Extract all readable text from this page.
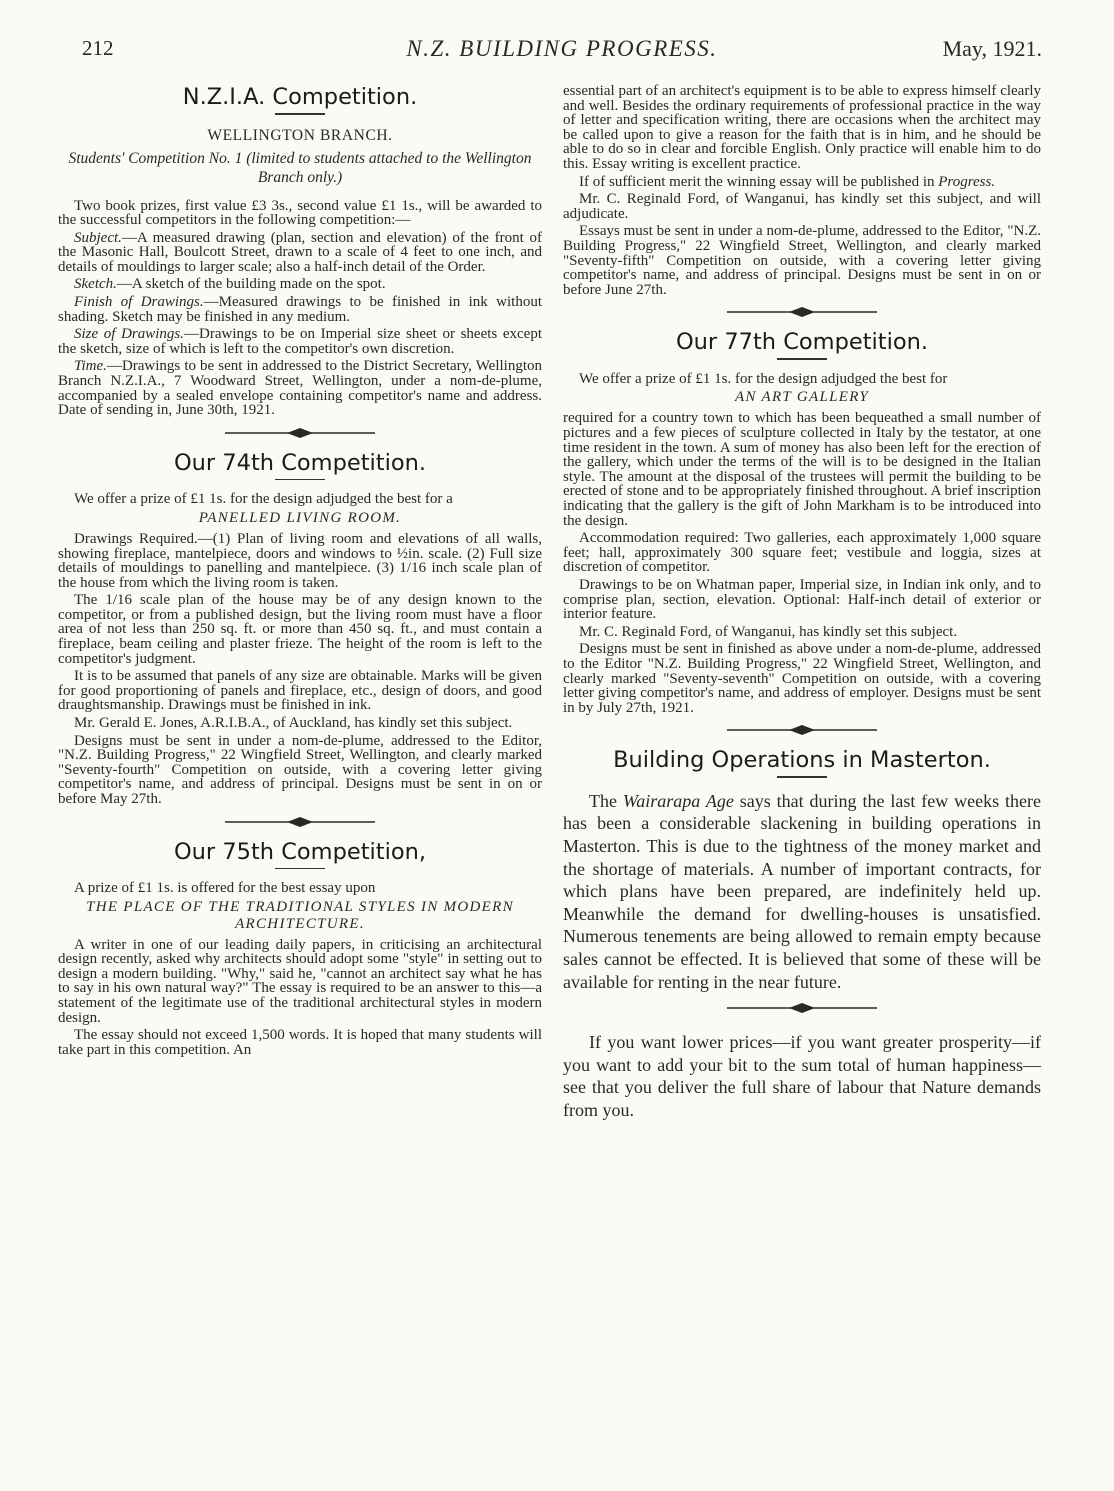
212	N.Z. BUILDING PROGRESS.	May, 1921.
N.Z.I.A. Competition.
WELLINGTON BRANCH.
Students' Competition No. 1 (limited to students attached to the Wellington Branch only.)

Two book prizes, first value £3 3s., second value £1 1s., will be awarded to the successful competitors in the following competition:—

Subject.—A measured drawing (plan, section and elevation) of the front of the Masonic Hall, Boulcott Street, drawn to a scale of 4 feet to one inch, and details of mouldings to larger scale; also a half-inch detail of the Order.

Sketch.—A sketch of the building made on the spot.

Finish of Drawings.—Measured drawings to be finished in ink without shading. Sketch may be finished in any medium.

Size of Drawings.—Drawings to be on Imperial size sheet or sheets except the sketch, size of which is left to the competitor's own discretion.

Time.—Drawings to be sent in addressed to the District Secretary, Wellington Branch N.Z.I.A., 7 Woodward Street, Wellington, under a nom-de-plume, accompanied by a sealed envelope containing competitor's name and address. Date of sending in, June 30th, 1921.

Our 74th Competition.

We offer a prize of £1 1s. for the design adjudged the best for a

PANELLED LIVING ROOM.

Drawings Required.—(1) Plan of living room and elevations of all walls, showing fireplace, mantelpiece, doors and windows to ½in. scale. (2) Full size details of mouldings to panelling and mantelpiece. (3) 1/16 inch scale plan of the house from which the living room is taken.

The 1/16 scale plan of the house may be of any design known to the competitor, or from a published design, but the living room must have a floor area of not less than 250 sq. ft. or more than 450 sq. ft., and must contain a fireplace, beam ceiling and plaster frieze. The height of the room is left to the competitor's judgment.

It is to be assumed that panels of any size are obtainable. Marks will be given for good proportioning of panels and fireplace, etc., design of doors, and good draughtsmanship. Drawings must be finished in ink.

Mr. Gerald E. Jones, A.R.I.B.A., of Auckland, has kindly set this subject.

Designs must be sent in under a nom-de-plume, addressed to the Editor, "N.Z. Building Progress," 22 Wingfield Street, Wellington, and clearly marked "Seventy-fourth" Competition on outside, with a covering letter giving competitor's name, and address of principal. Designs must be sent in on or before May 27th.

Our 75th Competition,

A prize of £1 1s. is offered for the best essay upon

THE PLACE OF THE TRADITIONAL STYLES IN MODERN ARCHITECTURE.

A writer in one of our leading daily papers, in criticising an architectural design recently, asked why architects should adopt some "style" in setting out to design a modern building. "Why," said he, "cannot an architect say what he has to say in his own natural way?" The essay is required to be an answer to this—a statement of the legitimate use of the traditional architectural styles in modern design.

The essay should not exceed 1,500 words. It is hoped that many students will take part in this competition. An

essential part of an architect's equipment is to be able to express himself clearly and well. Besides the ordinary requirements of professional practice in the way of letter and specification writing, there are occasions when the architect may be called upon to give a reason for the faith that is in him, and he should be able to do so in clear and forcible English. Only practice will enable him to do this. Essay writing is excellent practice.

If of sufficient merit the winning essay will be published in Progress.

Mr. C. Reginald Ford, of Wanganui, has kindly set this subject, and will adjudicate.

Essays must be sent in under a nom-de-plume, addressed to the Editor, "N.Z. Building Progress," 22 Wingfield Street, Wellington, and clearly marked "Seventy-fifth" Competition on outside, with a covering letter giving competitor's name, and address of principal. Designs must be sent in on or before June 27th.

Our 77th Competition.

We offer a prize of £1 1s. for the design adjudged the best for

AN ART GALLERY

required for a country town to which has been bequeathed a small number of pictures and a few pieces of sculpture collected in Italy by the testator, at one time resident in the town. A sum of money has also been left for the erection of the gallery, which under the terms of the will is to be designed in the Italian style. The amount at the disposal of the trustees will permit the building to be erected of stone and to be appropriately finished throughout. A brief inscription indicating that the gallery is the gift of John Markham is to be introduced into the design.

Accommodation required: Two galleries, each approximately 1,000 square feet; hall, approximately 300 square feet; vestibule and loggia, sizes at discretion of competitor.

Drawings to be on Whatman paper, Imperial size, in Indian ink only, and to comprise plan, section, elevation. Optional: Half-inch detail of exterior or interior feature.

Mr. C. Reginald Ford, of Wanganui, has kindly set this subject.

Designs must be sent in finished as above under a nom-de-plume, addressed to the Editor "N.Z. Building Progress," 22 Wingfield Street, Wellington, and clearly marked "Seventy-seventh" Competition on outside, with a covering letter giving competitor's name, and address of employer. Designs must be sent in by July 27th, 1921.

Building Operations in Masterton.

The Wairarapa Age says that during the last few weeks there has been a considerable slackening in building operations in Masterton. This is due to the tightness of the money market and the shortage of materials. A number of important contracts, for which plans have been prepared, are indefinitely held up. Meanwhile the demand for dwelling-houses is unsatisfied. Numerous tenements are being allowed to remain empty because sales cannot be effected. It is believed that some of these will be available for renting in the near future.

If you want lower prices—if you want greater prosperity—if you want to add your bit to the sum total of human happiness—see that you deliver the full share of labour that Nature demands from you.
